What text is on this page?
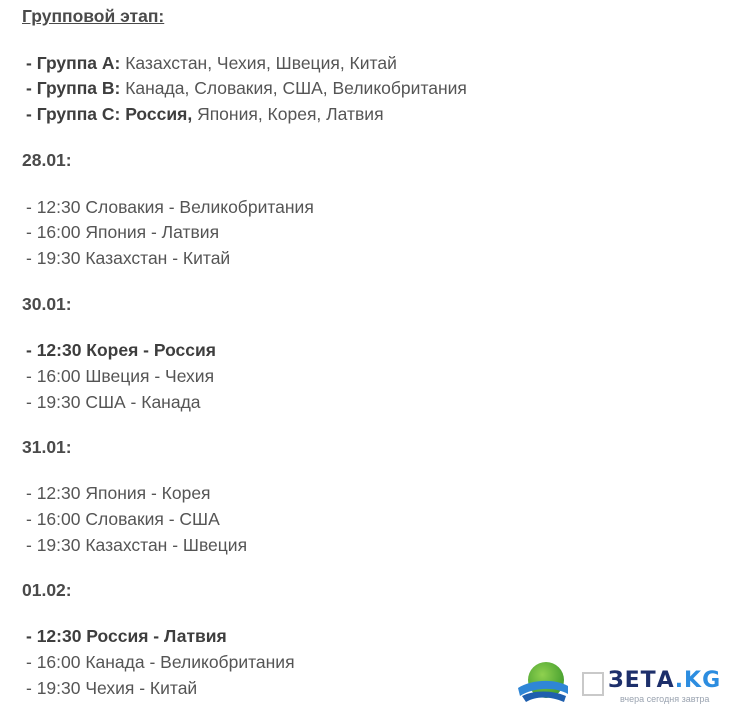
Групповой этап:
- Группа А: Казахстан, Чехия, Швеция, Китай
- Группа В: Канада, Словакия, США, Великобритания
- Группа С: Россия, Япония, Корея, Латвия
28.01:
- 12:30 Словакия - Великобритания
- 16:00 Япония - Латвия
- 19:30 Казахстан - Китай
30.01:
- 12:30 Корея - Россия
- 16:00 Швеция - Чехия
- 19:30 США - Канада
31.01:
- 12:30 Япония - Корея
- 16:00 Словакия - США
- 19:30 Казахстан - Швеция
01.02:
- 12:30 Россия - Латвия
- 16:00 Канада - Великобритания
- 19:30 Чехия - Китай	ЗЕТА.KG
вчера сегодня завтра
